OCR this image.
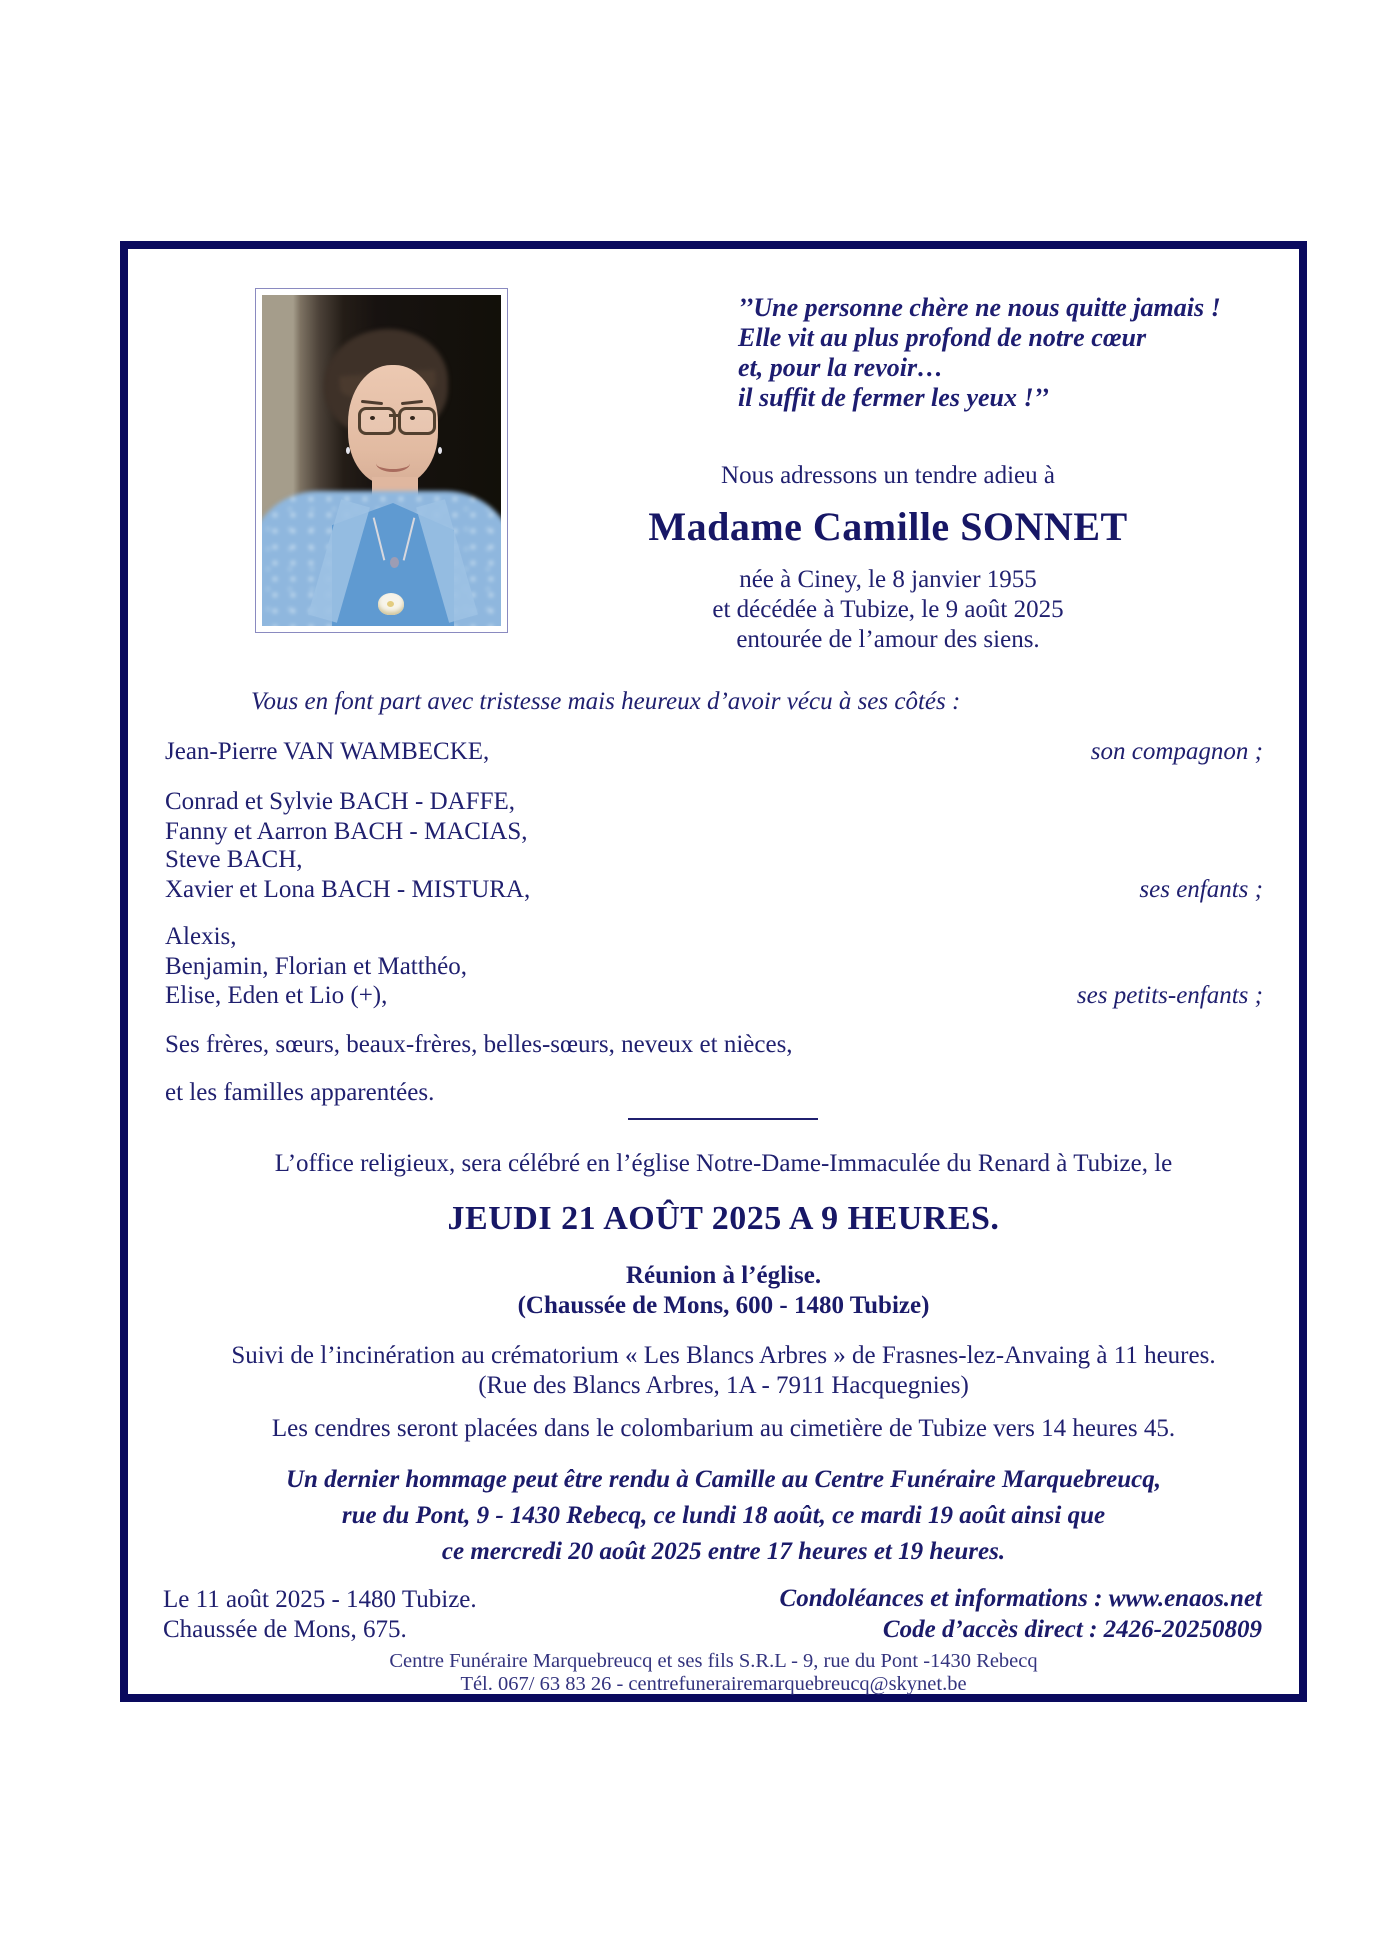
’’Une personne chère ne nous quitte jamais !
Elle vit au plus profond de notre cœur
et, pour la revoir…
il suffit de fermer les yeux !’’
Nous adressons un tendre adieu à
Madame Camille SONNET
née à Ciney, le 8 janvier 1955
et décédée à Tubize, le 9 août 2025
entourée de l’amour des siens.
Vous en font part avec tristesse mais heureux d’avoir vécu à ses côtés :
Jean-Pierre VAN WAMBECKE,	son compagnon ;
Conrad et Sylvie BACH - DAFFE,
Fanny et Aarron BACH - MACIAS,
Steve BACH,
Xavier et Lona BACH - MISTURA,	ses enfants ;
Alexis,
Benjamin, Florian et Matthéo,
Elise, Eden et Lio (+),	ses petits-enfants ;
Ses frères, sœurs, beaux-frères, belles-sœurs, neveux et nièces,
et les familles apparentées.
L’office religieux, sera célébré en l’église Notre-Dame-Immaculée du Renard à Tubize, le
JEUDI 21 AOÛT 2025 A 9 HEURES.
Réunion à l’église.
(Chaussée de Mons, 600 - 1480 Tubize)
Suivi de l’incinération au crématorium « Les Blancs Arbres » de Frasnes-lez-Anvaing à 11 heures.
(Rue des Blancs Arbres, 1A - 7911 Hacquegnies)
Les cendres seront placées dans le colombarium au cimetière de Tubize vers 14 heures 45.
Un dernier hommage peut être rendu à Camille au Centre Funéraire Marquebreucq,
rue du Pont, 9 - 1430 Rebecq, ce lundi 18 août, ce mardi 19 août ainsi que
ce mercredi 20 août 2025 entre 17 heures et 19 heures.
Le 11 août 2025 - 1480 Tubize.
Chaussée de Mons, 675.
Condoléances et informations : www.enaos.net
Code d’accès direct : 2426-20250809
Centre Funéraire Marquebreucq et ses fils S.R.L - 9, rue du Pont -1430 Rebecq
Tél. 067/ 63 83 26 - centrefunerairemarquebreucq@skynet.be
